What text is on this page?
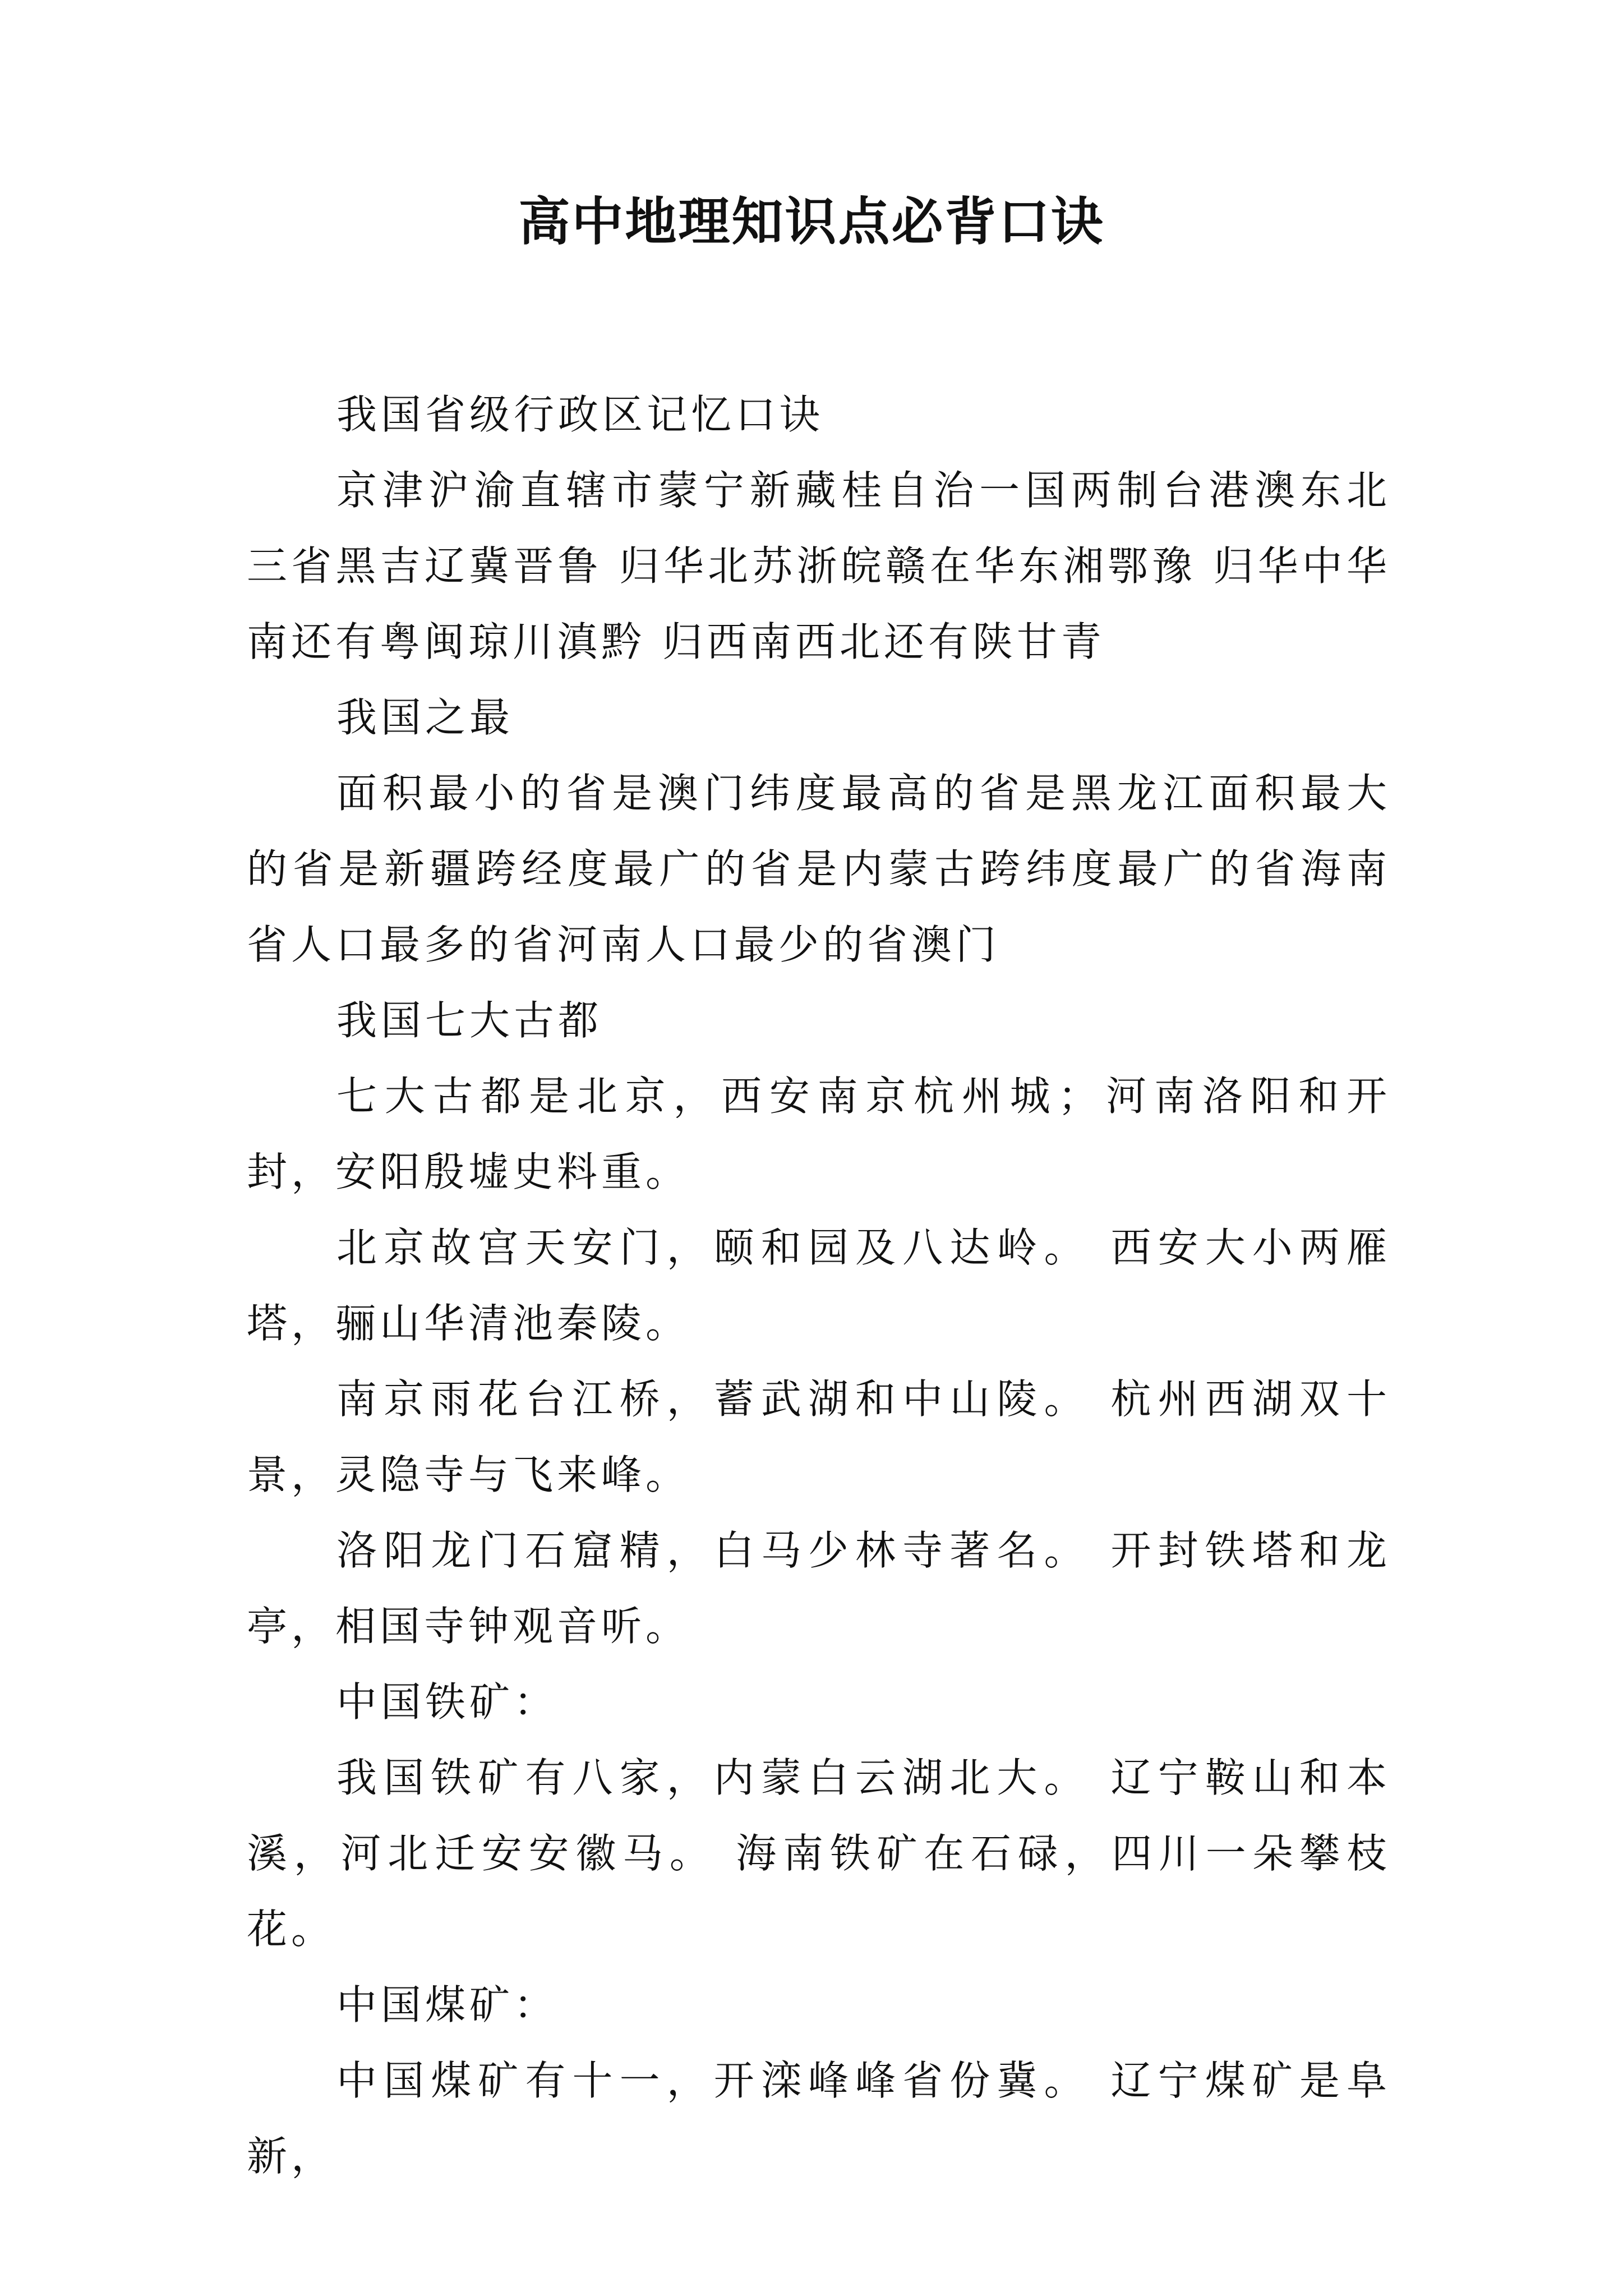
高中地理知识点必背口诀

我国省级行政区记忆口诀

京津沪渝直辖市蒙宁新藏桂自治一国两制台港澳东北三省黑吉辽冀晋鲁 归华北苏浙皖赣在华东湘鄂豫 归华中华南还有粤闽琼川滇黔 归西南西北还有陕甘青

我国之最

面积最小的省是澳门纬度最高的省是黑龙江面积最大的省是新疆跨经度最广的省是内蒙古跨纬度最广的省海南省人口最多的省河南人口最少的省澳门

我国七大古都

七大古都是北京，西安南京杭州城；河南洛阳和开封，安阳殷墟史料重。

北京故宫天安门，颐和园及八达岭。 西安大小两雁塔，骊山华清池秦陵。

南京雨花台江桥，蓄武湖和中山陵。 杭州西湖双十景，灵隐寺与飞来峰。

洛阳龙门石窟精，白马少林寺著名。 开封铁塔和龙亭，相国寺钟观音听。

中国铁矿：

我国铁矿有八家，内蒙白云湖北大。 辽宁鞍山和本溪，河北迁安安徽马。 海南铁矿在石碌，四川一朵攀枝花。

中国煤矿：

中国煤矿有十一，开滦峰峰省份冀。 辽宁煤矿是阜新，
